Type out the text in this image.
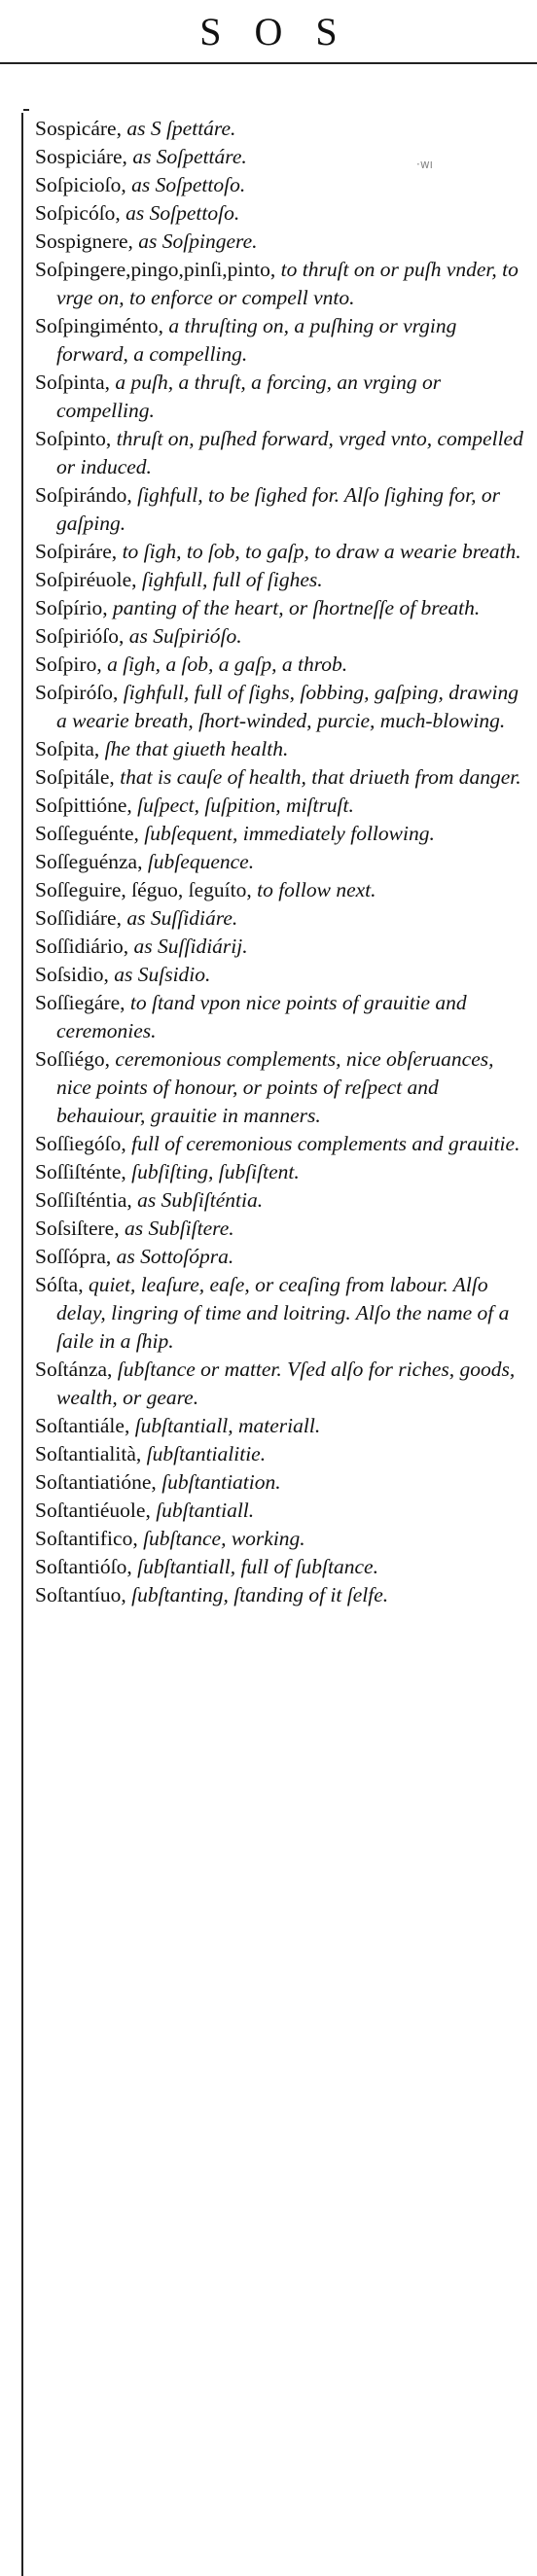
SOS
·wı

Sospicáre, as S ſpettáre.

Sospiciáre, as Soſpettáre.

Soſpicioſo, as Soſpettoſo.

Soſpicóſo, as Soſpettoſo.

Sospignere, as Soſpingere.

Soſpingere,pingo,pinſi,pinto, to thruſt on or puſh vnder, to vrge on, to enforce or compell vnto.

Soſpingiménto, a thruſting on, a puſhing or vrging forward, a compelling.

Soſpinta, a puſh, a thruſt, a forcing, an vrging or compelling.

Soſpinto, thruſt on, puſhed forward, vrged vnto, compelled or induced.

Soſpirándo, ſighfull, to be ſighed for. Alſo ſighing for, or gaſping.

Soſpiráre, to ſigh, to ſob, to gaſp, to draw a wearie breath.

Soſpiréuole, ſighfull, full of ſighes.

Soſpírio, panting of the heart, or ſhortneſſe of breath.

Soſpirióſo, as Suſpirióſo.

Soſpiro, a ſigh, a ſob, a gaſp, a throb.

Soſpiróſo, ſighfull, full of ſighs, ſobbing, gaſping, drawing a wearie breath, ſhort-winded, purcie, much-blowing.

Soſpita, ſhe that giueth health.

Soſpitále, that is cauſe of health, that driueth from danger.

Soſpittióne, ſuſpect, ſuſpition, miſtruſt.

Soſſeguénte, ſubſequent, immediately following.

Soſſeguénza, ſubſequence.

Soſſeguire, ſéguo, ſeguíto, to follow next.

Soſſidiáre, as Suſſidiáre.

Soſſidiário, as Suſſidiárij.

Soſsidio, as Suſsidio.

Soſſiegáre, to ſtand vpon nice points of grauitie and ceremonies.

Soſſiégo, ceremonious complements, nice obſeruances, nice points of honour, or points of reſpect and behauiour, grauitie in manners.

Soſſiegóſo, full of ceremonious complements and grauitie.

Soſſiſténte, ſubſiſting, ſubſiſtent.

Soſſiſténtia, as Subſiſténtia.

Soſsiſtere, as Subſiſtere.

Soſſópra, as Sottoſópra.

Sóſta, quiet, leaſure, eaſe, or ceaſing from labour. Alſo delay, lingring of time and loitring. Alſo the name of a ſaile in a ſhip.

Soſtánza, ſubſtance or matter. Vſed alſo for riches, goods, wealth, or geare.

Soſtantiále, ſubſtantiall, materiall.

Soſtantialità, ſubſtantialitie.

Soſtantiatióne, ſubſtantiation.

Soſtantiéuole, ſubſtantiall.

Soſtantifico, ſubſtance, working.

Soſtantióſo, ſubſtantiall, full of ſubſtance.

Soſtantíuo, ſubſtanting, ſtanding of it ſelfe.
